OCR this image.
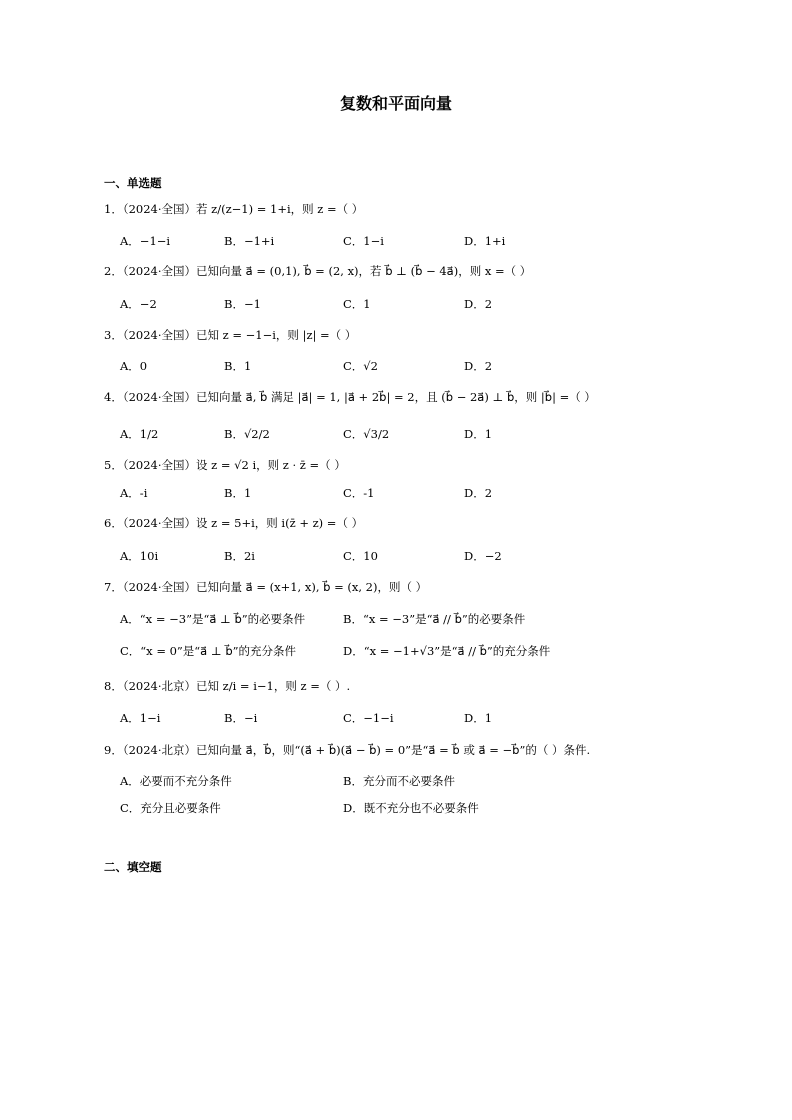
复数和平面向量
一、单选题
1．（2024·全国）若 z/(z−1) = 1+i，则 z =（ ）
A．−1−i	B．−1+i	C．1−i	D．1+i
2．（2024·全国）已知向量 a⃗ = (0,1), b⃗ = (2, x)，若 b⃗ ⊥ (b⃗ − 4a⃗)，则 x =（ ）
A．−2	B．−1	C．1	D．2
3．（2024·全国）已知 z = −1−i，则 |z| =（ ）
A．0	B．1	C．√2	D．2
4．（2024·全国）已知向量 a⃗, b⃗ 满足 |a⃗| = 1, |a⃗ + 2b⃗| = 2，且 (b⃗ − 2a⃗) ⊥ b⃗，则 |b⃗| =（ ）
A．1/2	B．√2/2	C．√3/2	D．1
5．（2024·全国）设 z = √2 i，则 z · z̄ =（ ）
A．-i	B．1	C．-1	D．2
6．（2024·全国）设 z = 5+i，则 i(z̄ + z) =（ ）
A．10i	B．2i	C．10	D．−2
7．（2024·全国）已知向量 a⃗ = (x+1, x), b⃗ = (x, 2)，则（ ）
A．“x = −3”是“a⃗ ⊥ b⃗”的必要条件	B．“x = −3”是“a⃗ // b⃗”的必要条件
C．“x = 0”是“a⃗ ⊥ b⃗”的充分条件	D．“x = −1+√3”是“a⃗ // b⃗”的充分条件
8．（2024·北京）已知 z/i = i−1，则 z =（ ）.
A．1−i	B．−i	C．−1−i	D．1
9．（2024·北京）已知向量 a⃗，b⃗，则“(a⃗ + b⃗)(a⃗ − b⃗) = 0”是“a⃗ = b⃗ 或 a⃗ = −b⃗”的（ ）条件.
A．必要而不充分条件	B．充分而不必要条件
C．充分且必要条件	D．既不充分也不必要条件
二、填空题
